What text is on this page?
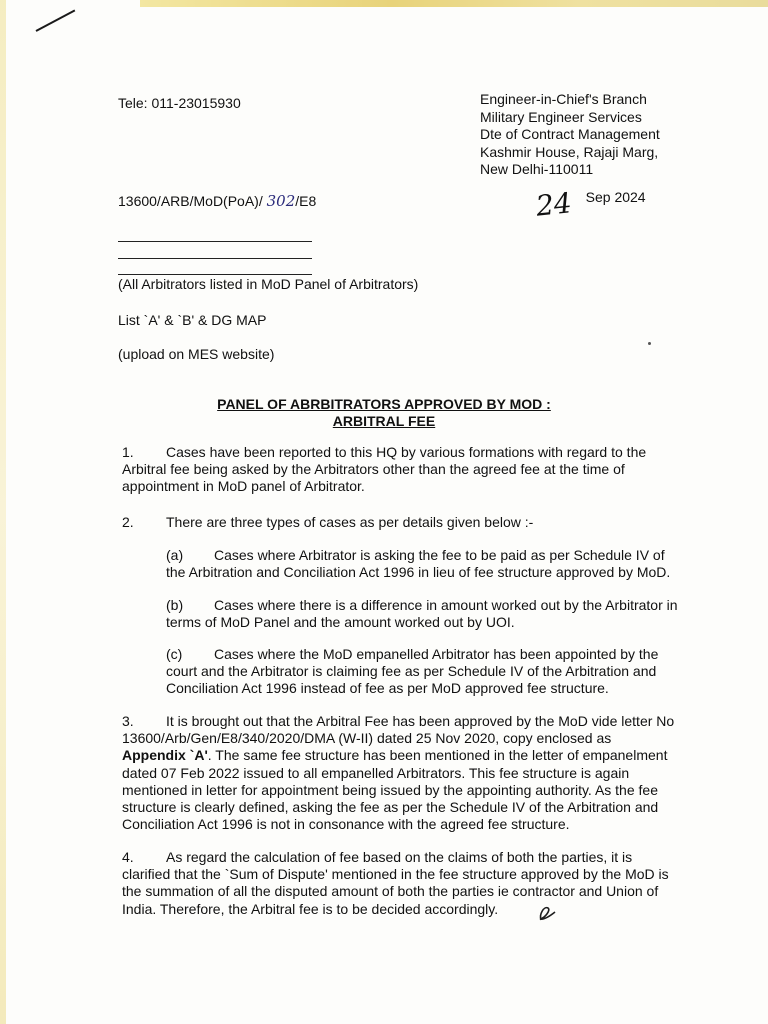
Tele: 011-23015930	Engineer-in-Chief's Branch
Military Engineer Services
Dte of Contract Management
Kashmir House, Rajaji Marg,
New Delhi-110011
13600/ARB/MoD(PoA)/ 302/E8	24 Sep 2024
(All Arbitrators listed in MoD Panel of Arbitrators)
List `A' & `B' & DG MAP
(upload on MES website)
PANEL OF ABRBITRATORS APPROVED BY MOD :
ARBITRAL FEE
1. Cases have been reported to this HQ by various formations with regard to the
Arbitral fee being asked by the Arbitrators other than the agreed fee at the time of
appointment in MoD panel of Arbitrator.
2. There are three types of cases as per details given below :-
(a) Cases where Arbitrator is asking the fee to be paid as per Schedule IV of
the Arbitration and Conciliation Act 1996 in lieu of fee structure approved by MoD.
(b) Cases where there is a difference in amount worked out by the Arbitrator in
terms of MoD Panel and the amount worked out by UOI.
(c) Cases where the MoD empanelled Arbitrator has been appointed by the
court and the Arbitrator is claiming fee as per Schedule IV of the Arbitration and
Conciliation Act 1996 instead of fee as per MoD approved fee structure.
3. It is brought out that the Arbitral Fee has been approved by the MoD vide letter No
13600/Arb/Gen/E8/340/2020/DMA (W-II) dated 25 Nov 2020, copy enclosed as
Appendix `A'. The same fee structure has been mentioned in the letter of empanelment
dated 07 Feb 2022 issued to all empanelled Arbitrators. This fee structure is again
mentioned in letter for appointment being issued by the appointing authority. As the fee
structure is clearly defined, asking the fee as per the Schedule IV of the Arbitration and
Conciliation Act 1996 is not in consonance with the agreed fee structure.
4. As regard the calculation of fee based on the claims of both the parties, it is
clarified that the `Sum of Dispute' mentioned in the fee structure approved by the MoD is
the summation of all the disputed amount of both the parties ie contractor and Union of
India. Therefore, the Arbitral fee is to be decided accordingly.
